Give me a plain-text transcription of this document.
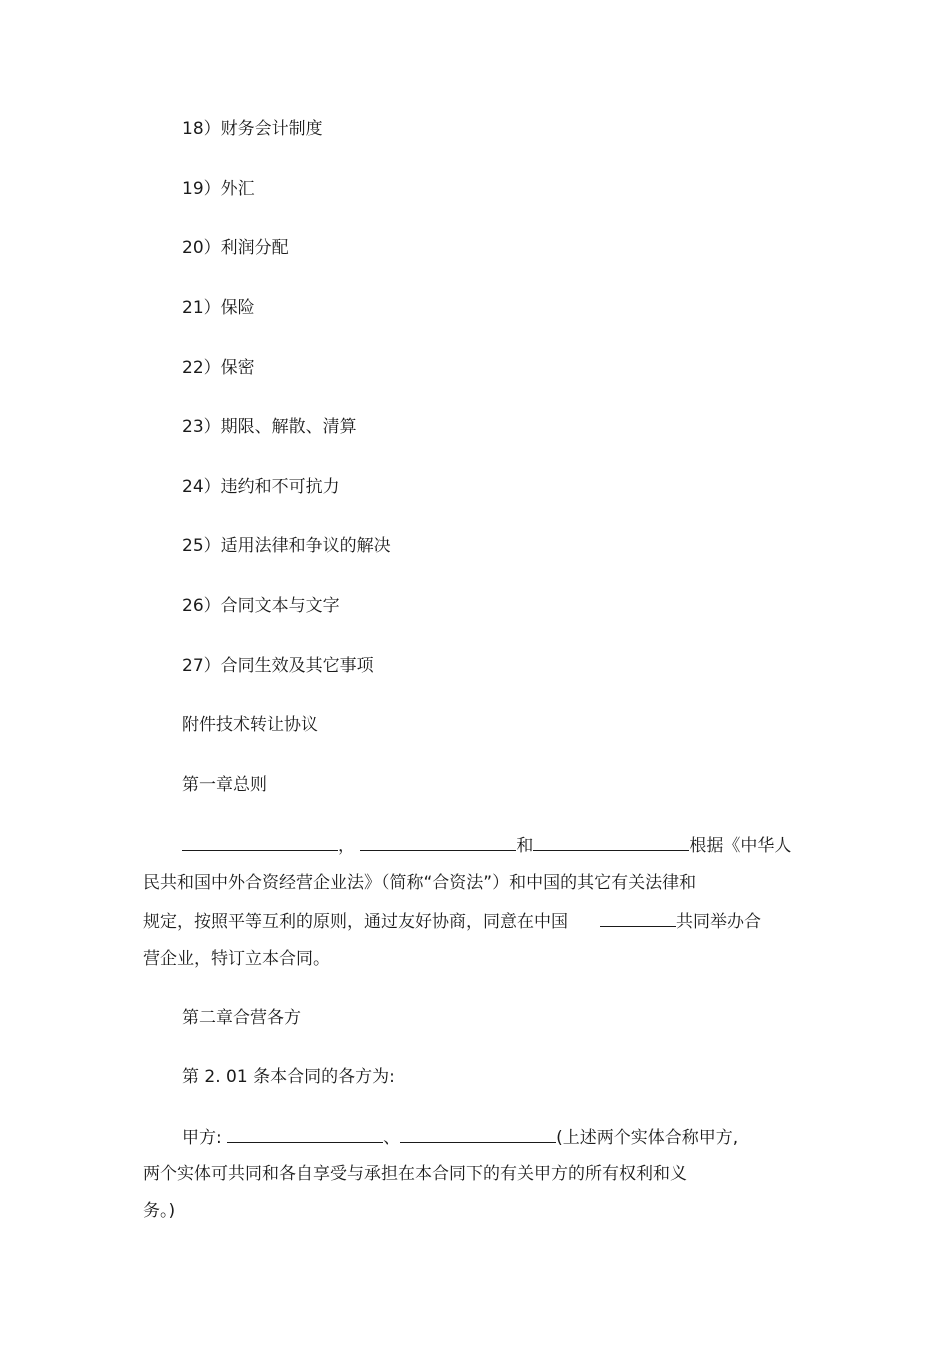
18）财务会计制度
19）外汇
20）利润分配
21）保险
22）保密
23）期限、解散、清算
24）违约和不可抗力
25）适用法律和争议的解决
26）合同文本与文字
27）合同生效及其它事项
附件技术转让协议
第一章总则
，	和	根据《中华人
民共和国中外合资经营企业法》（简称“合资法”）和中国的其它有关法律和
规定，按照平等互利的原则，通过友好协商，同意在中国	共同举办合
营企业，特订立本合同。
第二章合营各方
第 2. 01 条本合同的各方为:
甲方:	、	(上述两个实体合称甲方,
两个实体可共同和各自享受与承担在本合同下的有关甲方的所有权利和义
务。)
